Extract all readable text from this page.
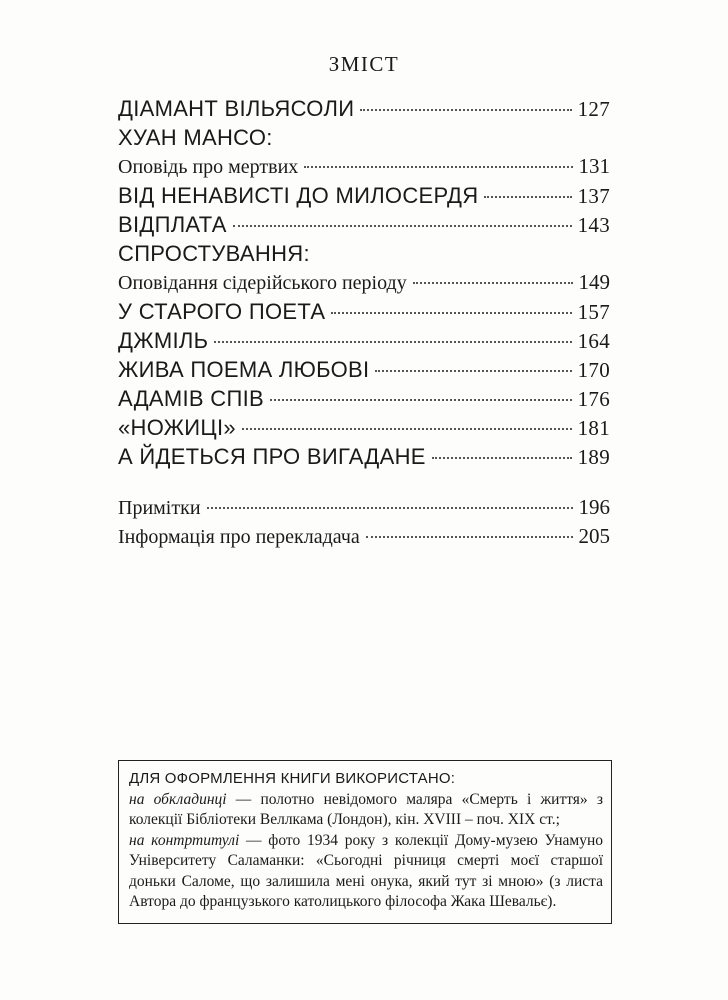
ЗМІСТ
ДІАМАНТ ВІЛЬЯСОЛИ	127
ХУАН МАНСО:
Оповідь про мертвих	131
ВІД НЕНАВИСТІ ДО МИЛОСЕРДЯ	137
ВІДПЛАТА	143
СПРОСТУВАННЯ:
Оповідання сідерійського періоду	149
У СТАРОГО ПОЕТА	157
ДЖМІЛЬ	164
ЖИВА ПОЕМА ЛЮБОВІ	170
АДАМІВ СПІВ	176
«НОЖИЦІ»	181
А ЙДЕТЬСЯ ПРО ВИГАДАНЕ	189
Примітки	196
Інформація про перекладача	205
ДЛЯ ОФОРМЛЕННЯ КНИГИ ВИКОРИСТАНО:
на обкладинці — полотно невідомого маляра «Смерть і життя» з колекції Бібліотеки Веллкама (Лондон), кін. XVIII – поч. XIX ст.;
на контртитулі — фото 1934 року з колекції Дому-музею Унамуно Університету Саламанки: «Сьогодні річниця смерті моєї старшої доньки Саломе, що залишила мені онука, який тут зі мною» (з листа Автора до французького католицького філософа Жака Шевальє).
